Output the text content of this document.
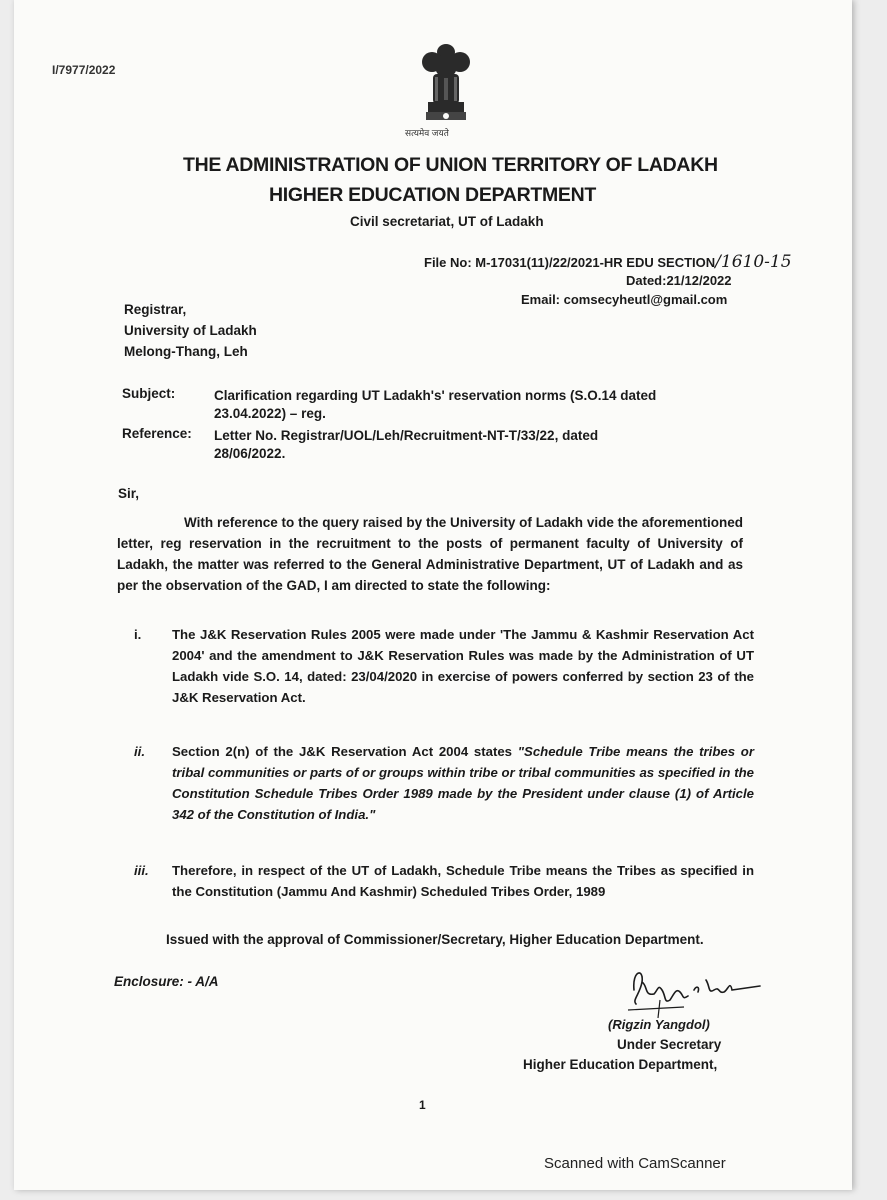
I/7977/2022
सत्यमेव जयते
THE ADMINISTRATION OF UNION TERRITORY OF LADAKH
HIGHER EDUCATION DEPARTMENT
Civil secretariat, UT of Ladakh
File No: M-17031(11)/22/2021-HR EDU SECTION/1610-15
Dated:21/12/2022
Email: comsecyheutl@gmail.com
Registrar,
University of Ladakh
Melong-Thang, Leh
Subject:	Clarification regarding UT Ladakh's' reservation norms (S.O.14 dated
23.04.2022) – reg.
Reference: Letter No. Registrar/UOL/Leh/Recruitment-NT-T/33/22, dated
28/06/2022.
Sir,

With reference to the query raised by the University of Ladakh vide the aforementioned letter, reg reservation in the recruitment to the posts of permanent faculty of University of Ladakh, the matter was referred to the General Administrative Department, UT of Ladakh and as per the observation of the GAD, I am directed to state the following:

i. The J&K Reservation Rules 2005 were made under 'The Jammu & Kashmir Reservation Act 2004' and the amendment to J&K Reservation Rules was made by the Administration of UT Ladakh vide S.O. 14, dated: 23/04/2020 in exercise of powers conferred by section 23 of the J&K Reservation Act.
ii. Section 2(n) of the J&K Reservation Act 2004 states "Schedule Tribe means the tribes or tribal communities or parts of or groups within tribe or tribal communities as specified in the Constitution Schedule Tribes Order 1989 made by the President under clause (1) of Article 342 of the Constitution of India."
iii. Therefore, in respect of the UT of Ladakh, Schedule Tribe means the Tribes as specified in the Constitution (Jammu And Kashmir) Scheduled Tribes Order, 1989
Issued with the approval of Commissioner/Secretary, Higher Education Department.
Enclosure: - A/A
(Rigzin Yangdol)
Under Secretary
Higher Education Department,
1
Scanned with CamScanner
